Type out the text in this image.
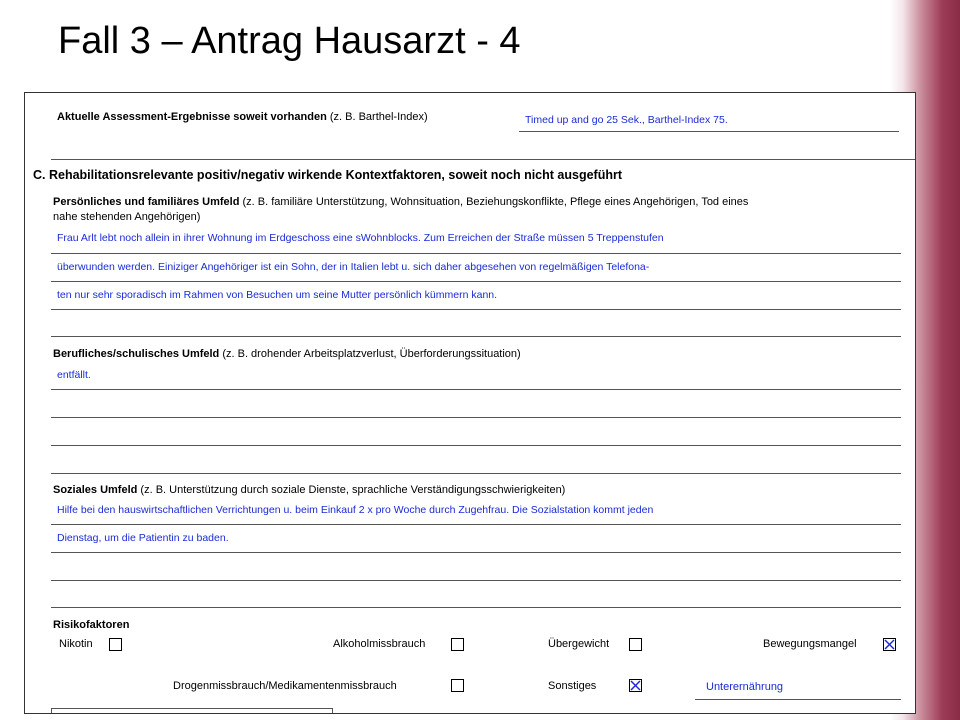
Fall 3 – Antrag Hausarzt - 4
Aktuelle Assessment-Ergebnisse soweit vorhanden (z. B. Barthel-Index)	Timed up and go 25 Sek., Barthel-Index 75.
C. Rehabilitationsrelevante positiv/negativ wirkende Kontextfaktoren, soweit noch nicht ausgeführt
Persönliches und familiäres Umfeld (z. B. familiäre Unterstützung, Wohnsituation, Beziehungskonflikte, Pflege eines Angehörigen, Tod eines
nahe stehenden Angehörigen)
Frau Arlt lebt noch allein in ihrer Wohnung im Erdgeschoss eine sWohnblocks. Zum Erreichen der Straße müssen 5 Treppenstufen
überwunden werden. Einiziger Angehöriger ist ein Sohn, der in Italien lebt u. sich daher abgesehen von regelmäßigen Telefona-
ten nur sehr sporadisch im Rahmen von Besuchen um seine Mutter persönlich kümmern kann.
Berufliches/schulisches Umfeld (z. B. drohender Arbeitsplatzverlust, Überforderungssituation)
entfällt.
Soziales Umfeld (z. B. Unterstützung durch soziale Dienste, sprachliche Verständigungsschwierigkeiten)
Hilfe bei den hauswirtschaftlichen Verrichtungen u. beim Einkauf 2 x pro Woche durch Zugehfrau. Die Sozialstation kommt jeden
Dienstag, um die Patientin zu baden.
Risikofaktoren
Nikotin	Alkoholmissbrauch	Übergewicht	Bewegungsmangel
Drogenmissbrauch/Medikamentenmissbrauch	Sonstiges	Unterernährung
